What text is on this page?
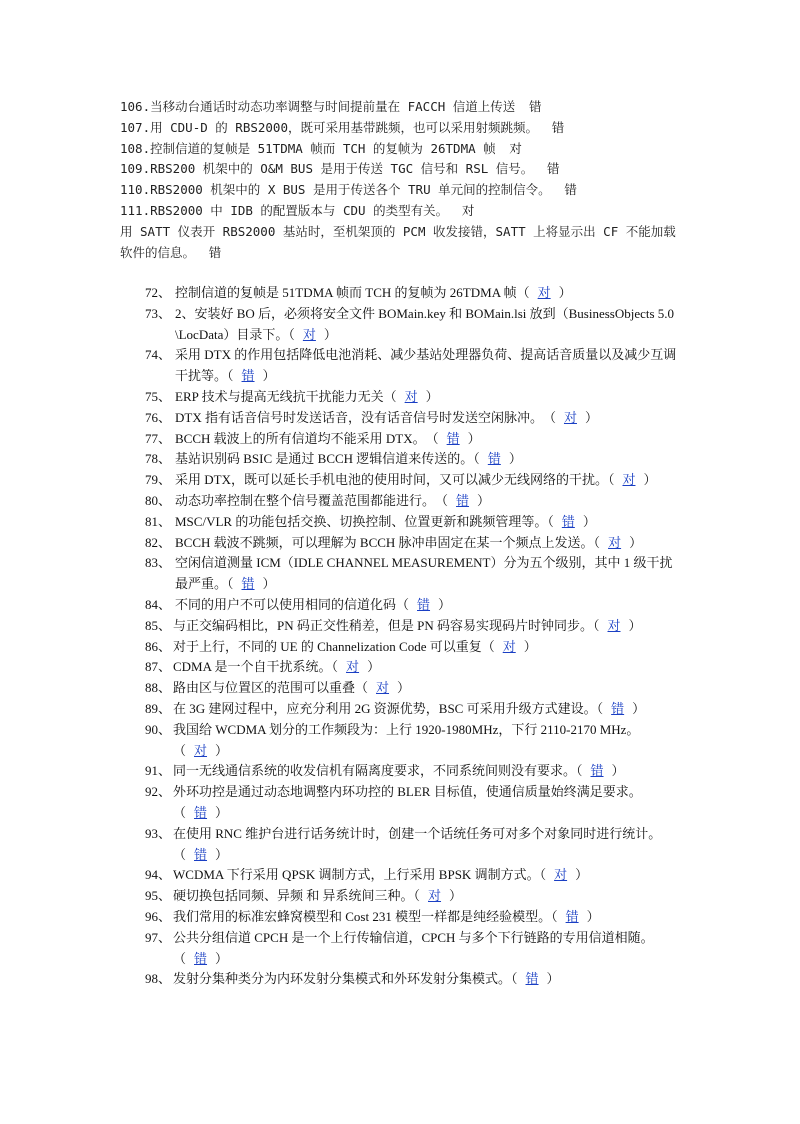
106.当移动台通话时动态功率调整与时间提前量在 FACCH 信道上传送 错
107.用 CDU-D 的 RBS2000，既可采用基带跳频，也可以采用射频跳频。 错
108.控制信道的复帧是 51TDMA 帧而 TCH 的复帧为 26TDMA 帧 对
109.RBS200 机架中的 O&M BUS 是用于传送 TGC 信号和 RSL 信号。 错
110.RBS2000 机架中的 X BUS 是用于传送各个 TRU 单元间的控制信令。 错
111.RBS2000 中 IDB 的配置版本与 CDU 的类型有关。 对
用 SATT 仪表开 RBS2000 基站时，至机架顶的 PCM 收发接错，SATT 上将显示出 CF 不能加载
软件的信息。 错
72、 控制信道的复帧是 51TDMA 帧而 TCH 的复帧为 26TDMA 帧（ 对 ）
73、 2、安装好 BO 后，必须将安全文件 BOMain.key 和 BOMain.lsi 放到（BusinessObjects 5.0\LocData）目录下。（ 对 ）
74、 采用 DTX 的作用包括降低电池消耗、减少基站处理器负荷、提高话音质量以及减少互调干扰等。（ 错 ）
75、 ERP 技术与提高无线抗干扰能力无关（ 对 ）
76、 DTX 指有话音信号时发送话音，没有话音信号时发送空闲脉冲。　（ 对 ）
77、 BCCH 载波上的所有信道均不能采用 DTX。　（ 错 ）
78、 基站识别码 BSIC 是通过 BCCH 逻辑信道来传送的。（ 错 ）
79、 采用 DTX，既可以延长手机电池的使用时间，又可以减少无线网络的干扰。（ 对 ）
80、 动态功率控制在整个信号覆盖范围都能进行。　（ 错 ）
81、 MSC/VLR 的功能包括交换、切换控制、位置更新和跳频管理等。（ 错 ）
82、 BCCH 载波不跳频，可以理解为 BCCH 脉冲串固定在某一个频点上发送。（ 对 ）
83、 空闲信道测量 ICM（IDLE CHANNEL MEASUREMENT）分为五个级别，其中 1 级干扰最严重。（ 错 ）
84、 不同的用户不可以使用相同的信道化码（ 错 ）
85、 与正交编码相比，PN 码正交性稍差，但是 PN 码容易实现码片时钟同步。（ 对 ）
86、 对于上行，不同的 UE 的 Channelization Code 可以重复（ 对 ）
87、 CDMA 是一个自干扰系统。（ 对 ）
88、 路由区与位置区的范围可以重叠（ 对 ）
89、 在 3G 建网过程中，应充分利用 2G 资源优势，BSC 可采用升级方式建设。（ 错 ）
90、 我国给 WCDMA 划分的工作频段为：上行 1920-1980MHz，下行 2110-2170 MHz。（ 对 ）
91、 同一无线通信系统的收发信机有隔离度要求，不同系统间则没有要求。（ 错 ）
92、 外环功控是通过动态地调整内环功控的 BLER 目标值，使通信质量始终满足要求。（ 错 ）
93、 在使用 RNC 维护台进行话务统计时，创建一个话统任务可对多个对象同时进行统计。（ 错 ）
94、 WCDMA 下行采用 QPSK 调制方式，上行采用 BPSK 调制方式。（ 对 ）
95、 硬切换包括同频、异频 和 异系统间三种。（ 对 ）
96、 我们常用的标准宏蜂窝模型和 Cost 231 模型一样都是纯经验模型。（ 错 ）
97、 公共分组信道 CPCH 是一个上行传输信道，CPCH 与多个下行链路的专用信道相随。（ 错 ）
98、 发射分集种类分为内环发射分集模式和外环发射分集模式。（ 错 ）
